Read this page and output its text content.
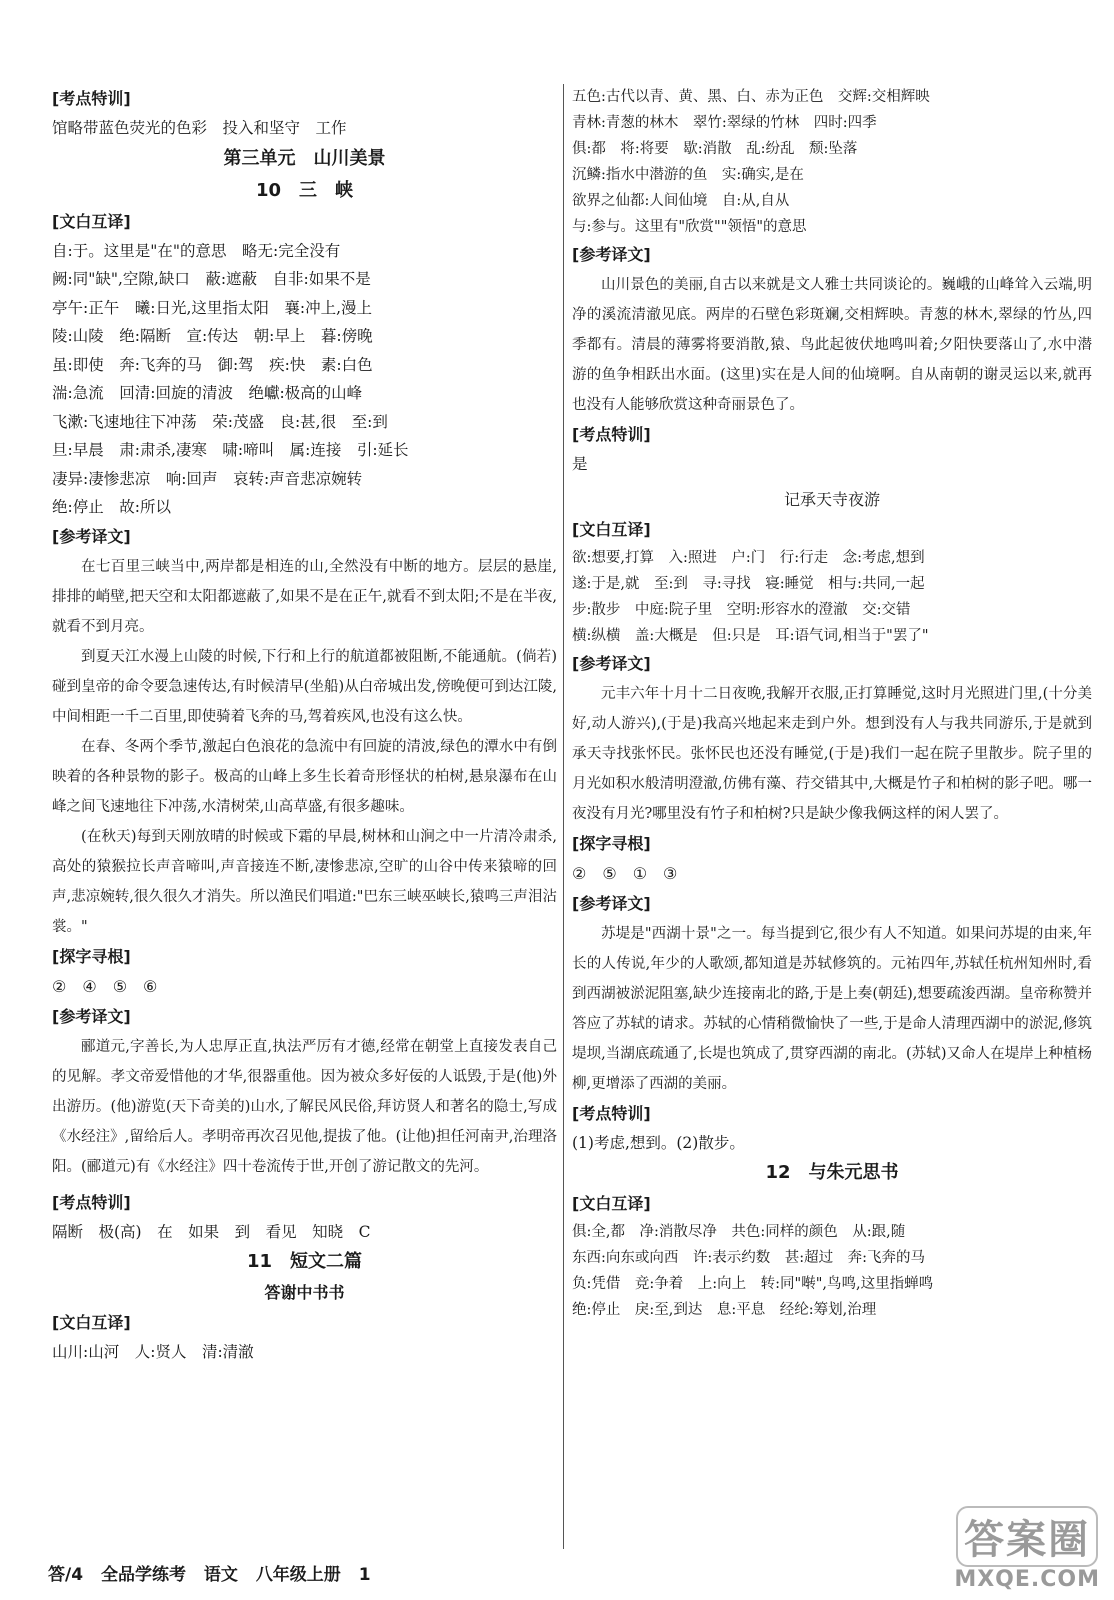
[考点特训]
馆略带蓝色荧光的色彩　投入和坚守　工作
第三单元　山川美景
10　三　峡
[文白互译]
自:于。这里是"在"的意思　略无:完全没有
阙:同"缺",空隙,缺口　蔽:遮蔽　自非:如果不是
亭午:正午　曦:日光,这里指太阳　襄:冲上,漫上
陵:山陵　绝:隔断　宣:传达　朝:早上　暮:傍晚
虽:即使　奔:飞奔的马　御:驾　疾:快　素:白色
湍:急流　回清:回旋的清波　绝巘:极高的山峰
飞漱:飞速地往下冲荡　荣:茂盛　良:甚,很　至:到
旦:早晨　肃:肃杀,凄寒　啸:啼叫　属:连接　引:延长
凄异:凄惨悲凉　响:回声　哀转:声音悲凉婉转
绝:停止　故:所以
[参考译文]

在七百里三峡当中,两岸都是相连的山,全然没有中断的地方。层层的悬崖,排排的峭壁,把天空和太阳都遮蔽了,如果不是在正午,就看不到太阳;不是在半夜,就看不到月亮。

到夏天江水漫上山陵的时候,下行和上行的航道都被阻断,不能通航。(倘若)碰到皇帝的命令要急速传达,有时候清早(坐船)从白帝城出发,傍晚便可到达江陵,中间相距一千二百里,即使骑着飞奔的马,驾着疾风,也没有这么快。

在春、冬两个季节,激起白色浪花的急流中有回旋的清波,绿色的潭水中有倒映着的各种景物的影子。极高的山峰上多生长着奇形怪状的柏树,悬泉瀑布在山峰之间飞速地往下冲荡,水清树荣,山高草盛,有很多趣味。

(在秋天)每到天刚放晴的时候或下霜的早晨,树林和山涧之中一片清冷肃杀,高处的猿猴拉长声音啼叫,声音接连不断,凄惨悲凉,空旷的山谷中传来猿啼的回声,悲凉婉转,很久很久才消失。所以渔民们唱道:"巴东三峡巫峡长,猿鸣三声泪沾裳。"

[探字寻根]
②　④　⑤　⑥
[参考译文]

郦道元,字善长,为人忠厚正直,执法严厉有才德,经常在朝堂上直接发表自己的见解。孝文帝爱惜他的才华,很器重他。因为被众多好佞的人诋毁,于是(他)外出游历。(他)游览(天下奇美的)山水,了解民风民俗,拜访贤人和著名的隐士,写成《水经注》,留给后人。孝明帝再次召见他,提拔了他。(让他)担任河南尹,治理洛阳。(郦道元)有《水经注》四十卷流传于世,开创了游记散文的先河。

[考点特训]
隔断　极(高)　在　如果　到　看见　知晓　C
11　短文二篇
答谢中书书
[文白互译]
山川:山河　人:贤人　清:清澈
五色:古代以青、黄、黑、白、赤为正色　交辉:交相辉映
青林:青葱的林木　翠竹:翠绿的竹林　四时:四季
俱:都　将:将要　歇:消散　乱:纷乱　颓:坠落
沉鳞:指水中潜游的鱼　实:确实,是在
欲界之仙都:人间仙境　自:从,自从
与:参与。这里有"欣赏""领悟"的意思
[参考译文]

山川景色的美丽,自古以来就是文人雅士共同谈论的。巍峨的山峰耸入云端,明净的溪流清澈见底。两岸的石壁色彩斑斓,交相辉映。青葱的林木,翠绿的竹丛,四季都有。清晨的薄雾将要消散,猿、鸟此起彼伏地鸣叫着;夕阳快要落山了,水中潜游的鱼争相跃出水面。(这里)实在是人间的仙境啊。自从南朝的谢灵运以来,就再也没有人能够欣赏这种奇丽景色了。

[考点特训]
是
记承天寺夜游
[文白互译]
欲:想要,打算　入:照进　户:门　行:行走　念:考虑,想到
遂:于是,就　至:到　寻:寻找　寝:睡觉　相与:共同,一起
步:散步　中庭:院子里　空明:形容水的澄澈　交:交错
横:纵横　盖:大概是　但:只是　耳:语气词,相当于"罢了"
[参考译文]

元丰六年十月十二日夜晚,我解开衣服,正打算睡觉,这时月光照进门里,(十分美好,动人游兴),(于是)我高兴地起来走到户外。想到没有人与我共同游乐,于是就到承天寺找张怀民。张怀民也还没有睡觉,(于是)我们一起在院子里散步。院子里的月光如积水般清明澄澈,仿佛有藻、荇交错其中,大概是竹子和柏树的影子吧。哪一夜没有月光?哪里没有竹子和柏树?只是缺少像我俩这样的闲人罢了。

[探字寻根]
②　⑤　①　③
[参考译文]

苏堤是"西湖十景"之一。每当提到它,很少有人不知道。如果问苏堤的由来,年长的人传说,年少的人歌颂,都知道是苏轼修筑的。元祐四年,苏轼任杭州知州时,看到西湖被淤泥阻塞,缺少连接南北的路,于是上奏(朝廷),想要疏浚西湖。皇帝称赞并答应了苏轼的请求。苏轼的心情稍微愉快了一些,于是命人清理西湖中的淤泥,修筑堤坝,当湖底疏通了,长堤也筑成了,贯穿西湖的南北。(苏轼)又命人在堤岸上种植杨柳,更增添了西湖的美丽。

[考点特训]
(1)考虑,想到。(2)散步。
12　与朱元思书
[文白互译]
俱:全,都　净:消散尽净　共色:同样的颜色　从:跟,随
东西:向东或向西　许:表示约数　甚:超过　奔:飞奔的马
负:凭借　竞:争着　上:向上　转:同"啭",鸟鸣,这里指蝉鸣
绝:停止　戾:至,到达　息:平息　经纶:筹划,治理
答/4 全品学练考 语文 八年级上册 1
答案圈
MXQE.COM
